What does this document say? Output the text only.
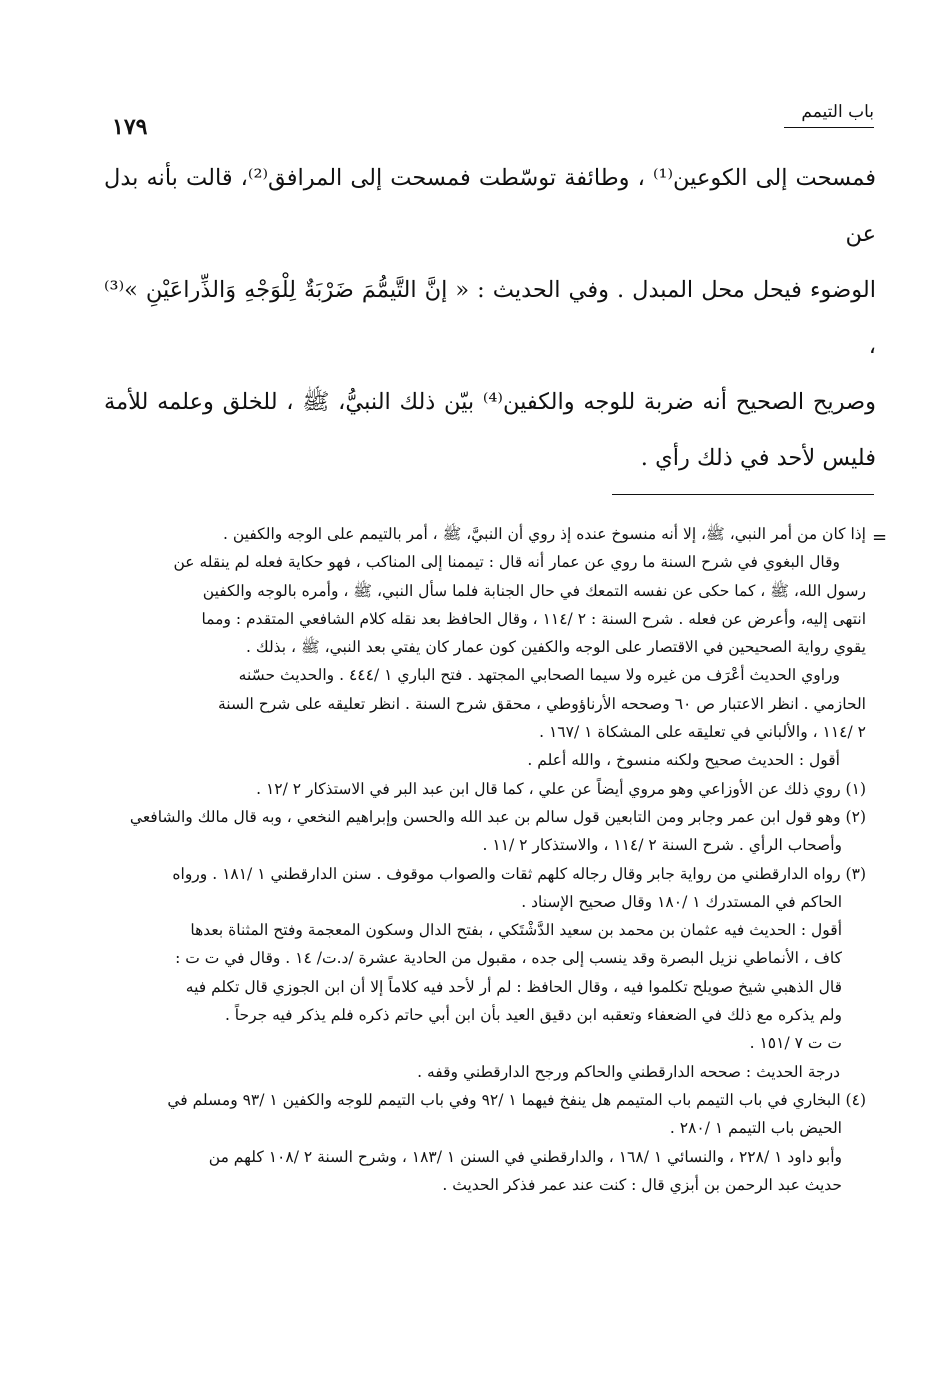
١٧٩
باب التيمم

فمسحت إلى الكوعين⁽¹⁾ ، وطائفة توسّطت فمسحت إلى المرافق⁽²⁾، قالت بأنه بدل عن
الوضوء فيحل محل المبدل . وفي الحديث : « إنَّ التَّيمُّمَ ضَرْبَةٌ لِلْوَجْهِ وَالذِّراعَيْنِ »⁽³⁾ ،
وصريح الصحيح أنه ضربة للوجه والكفين⁽⁴⁾ بيّن ذلك النبيُّ، ﷺ ، للخلق وعلمه للأمة
فليس لأحد في ذلك رأي .

=
إذا كان من أمر النبي، ﷺ، إلا أنه منسوخ عنده إذ روي أن النبيَّ، ﷺ ، أمر بالتيمم على الوجه والكفين .
وقال البغوي في شرح السنة ما روي عن عمار أنه قال : تيممنا إلى المناكب ، فهو حكاية فعله لم ينقله عن
رسول الله، ﷺ ، كما حكى عن نفسه التمعك في حال الجنابة فلما سأل النبي، ﷺ ، وأمره بالوجه والكفين
انتهى إليه، وأعرض عن فعله . شرح السنة : ٢ /١١٤ ، وقال الحافظ بعد نقله كلام الشافعي المتقدم : ومما
يقوي رواية الصحيحين في الاقتصار على الوجه والكفين كون عمار كان يفتي بعد النبي، ﷺ ، بذلك .
وراوي الحديث أعْرَف من غيره ولا سيما الصحابي المجتهد . فتح الباري ١ /٤٤٤ . والحديث حسّنه
الحازمي . انظر الاعتبار ص ٦٠ وصححه الأرناؤوطي ، محقق شرح السنة . انظر تعليقه على شرح السنة
٢ /١١٤ ، والألباني في تعليقه على المشكاة ١ /١٦٧ .
أقول : الحديث صحيح ولكنه منسوخ ، والله أعلم .
(١) روي ذلك عن الأوزاعي وهو مروي أيضاً عن علي ، كما قال ابن عبد البر في الاستذكار ٢ /١٢ .
(٢) وهو قول ابن عمر وجابر ومن التابعين قول سالم بن عبد الله والحسن وإبراهيم النخعي ، وبه قال مالك والشافعي
وأصحاب الرأي . شرح السنة ٢ /١١٤ ، والاستذكار ٢ /١١ .
(٣) رواه الدارقطني من رواية جابر وقال رجاله كلهم ثقات والصواب موقوف . سنن الدارقطني ١ /١٨١ . ورواه
الحاكم في المستدرك ١ /١٨٠ وقال صحيح الإسناد .
أقول : الحديث فيه عثمان بن محمد بن سعيد الدَّشْتَكي ، بفتح الدال وسكون المعجمة وفتح المثناة بعدها
كاف ، الأنماطي نزيل البصرة وقد ينسب إلى جده ، مقبول من الحادية عشرة /د.ت/ ١٤ . وقال في ت ت :
قال الذهبي شيخ صويلح تكلموا فيه ، وقال الحافظ : لم أر لأحد فيه كلاماً إلا أن ابن الجوزي قال تكلم فيه
ولم يذكره مع ذلك في الضعفاء وتعقبه ابن دقيق العيد بأن ابن أبي حاتم ذكره فلم يذكر فيه جرحاً .
ت ت ٧ /١٥١ .
درجة الحديث : صححه الدارقطني والحاكم ورجح الدارقطني وقفه .
(٤) البخاري في باب التيمم باب المتيمم هل ينفخ فيهما ١ /٩٢ وفي باب التيمم للوجه والكفين ١ /٩٣ ومسلم في
الحيض باب التيمم ١ /٢٨٠ .
وأبو داود ١ /٢٢٨ ، والنسائي ١ /١٦٨ ، والدارقطني في السنن ١ /١٨٣ ، وشرح السنة ٢ /١٠٨ كلهم من
حديث عبد الرحمن بن أبزي قال : كنت عند عمر فذكر الحديث .
